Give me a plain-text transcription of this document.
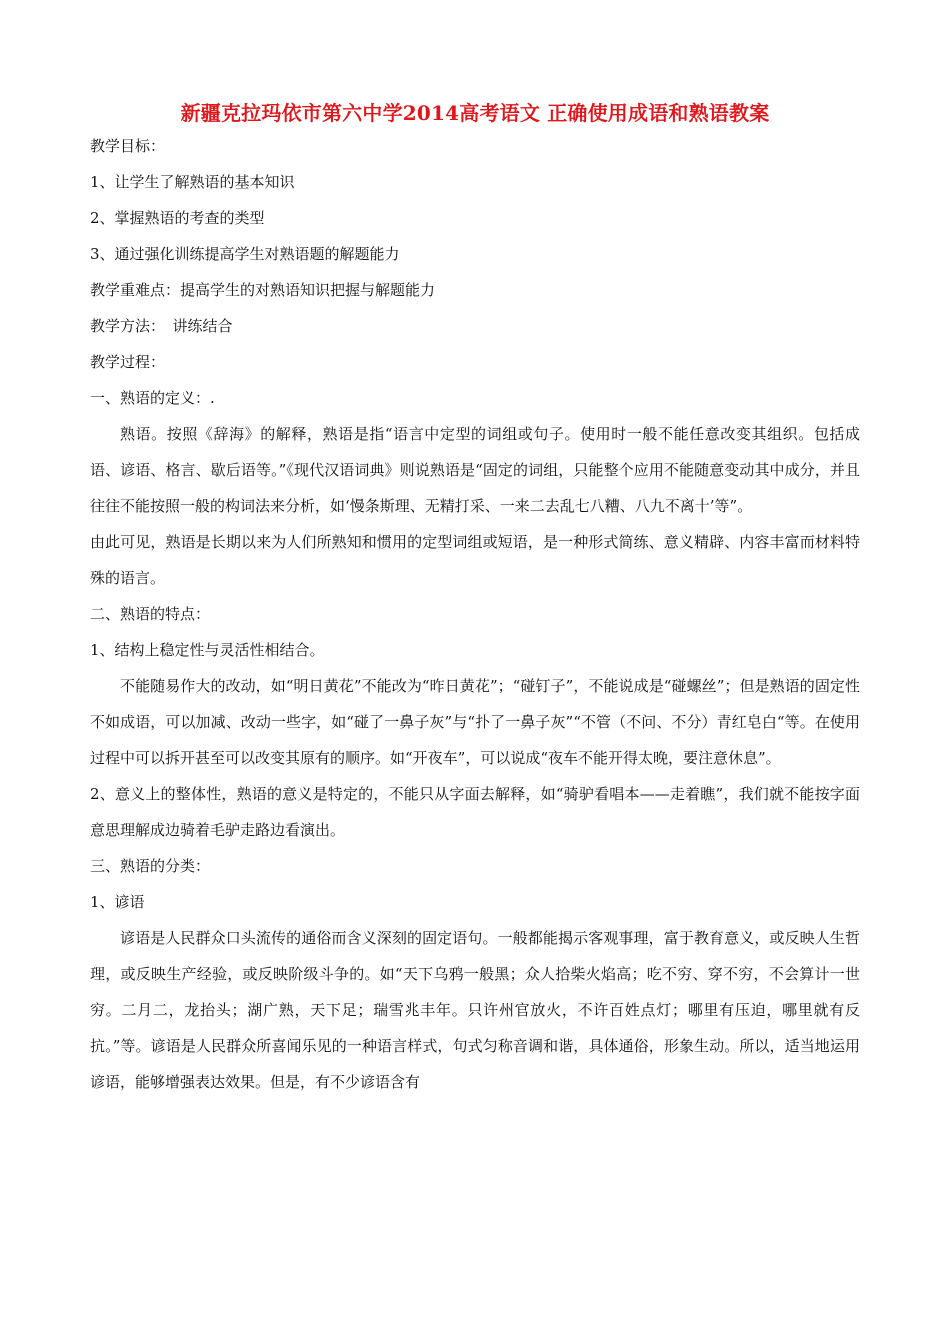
新疆克拉玛依市第六中学2014高考语文 正确使用成语和熟语教案

教学目标：

1、让学生了解熟语的基本知识

2、掌握熟语的考查的类型

3、通过强化训练提高学生对熟语题的解题能力

教学重难点：提高学生的对熟语知识把握与解题能力

教学方法：　讲练结合

教学过程：

一、熟语的定义：.

熟语。按照《辞海》的解释，熟语是指“语言中定型的词组或句子。使用时一般不能任意改变其组织。包括成语、谚语、格言、歇后语等。”《现代汉语词典》则说熟语是“固定的词组，只能整个应用不能随意变动其中成分，并且往往不能按照一般的构词法来分析，如‘慢条斯理、无精打采、一来二去乱七八糟、八九不离十’等”。

由此可见，熟语是长期以来为人们所熟知和惯用的定型词组或短语，是一种形式简练、意义精辟、内容丰富而材料特殊的语言。

二、熟语的特点：

1、结构上稳定性与灵活性相结合。

不能随易作大的改动，如“明日黄花”不能改为“昨日黄花”；“碰钉子”，不能说成是“碰螺丝”；但是熟语的固定性不如成语，可以加减、改动一些字，如“碰了一鼻子灰”与“扑了一鼻子灰”“不管（不问、不分）青红皂白“等。在使用过程中可以拆开甚至可以改变其原有的顺序。如“开夜车”，可以说成“夜车不能开得太晚，要注意休息”。

2、意义上的整体性，熟语的意义是特定的，不能只从字面去解释，如“骑驴看唱本——走着瞧”，我们就不能按字面意思理解成边骑着毛驴走路边看演出。

三、熟语的分类：

1、谚语

谚语是人民群众口头流传的通俗而含义深刻的固定语句。一般都能揭示客观事理，富于教育意义，或反映人生哲理，或反映生产经验，或反映阶级斗争的。如“天下乌鸦一般黑；众人拾柴火焰高；吃不穷、穿不穷，不会算计一世穷。二月二，龙抬头；湖广熟，天下足；瑞雪兆丰年。只许州官放火，不许百姓点灯；哪里有压迫，哪里就有反抗。”等。谚语是人民群众所喜闻乐见的一种语言样式，句式匀称音调和谐，具体通俗，形象生动。所以，适当地运用谚语，能够增强表达效果。但是，有不少谚语含有
